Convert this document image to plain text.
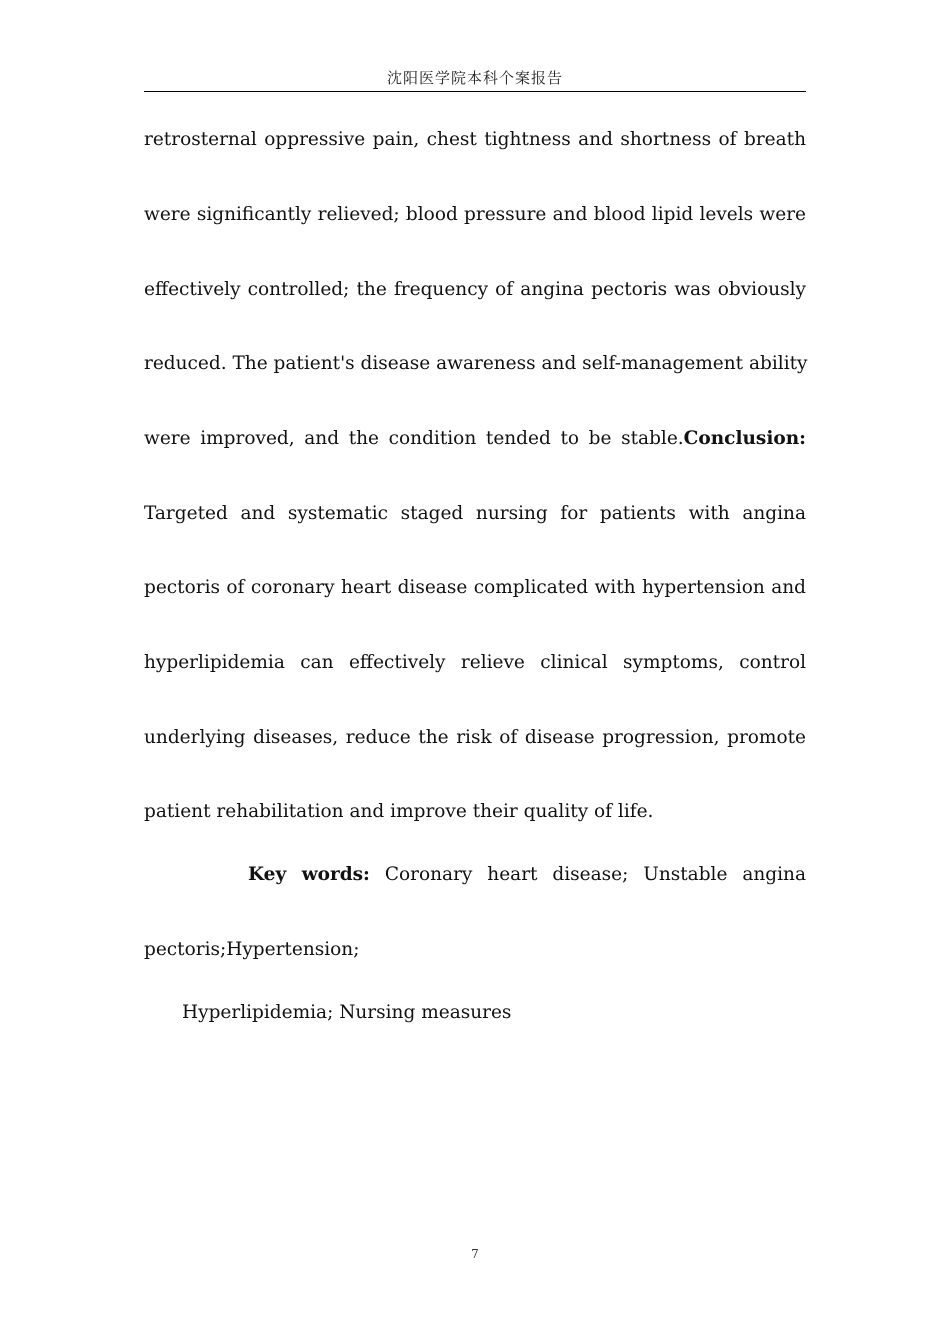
沈阳医学院本科个案报告
retrosternal oppressive pain, chest tightness and shortness of breath
were significantly relieved; blood pressure and blood lipid levels were
effectively controlled; the frequency of angina pectoris was obviously
reduced. The patient's disease awareness and self-management ability
were improved, and the condition tended to be stable.Conclusion:
Targeted and systematic staged nursing for patients with angina
pectoris of coronary heart disease complicated with hypertension and
hyperlipidemia can effectively relieve clinical symptoms, control
underlying diseases, reduce the risk of disease progression, promote
patient rehabilitation and improve their quality of life.
Key words: Coronary heart disease; Unstable angina
pectoris;Hypertension;
Hyperlipidemia; Nursing measures
7
